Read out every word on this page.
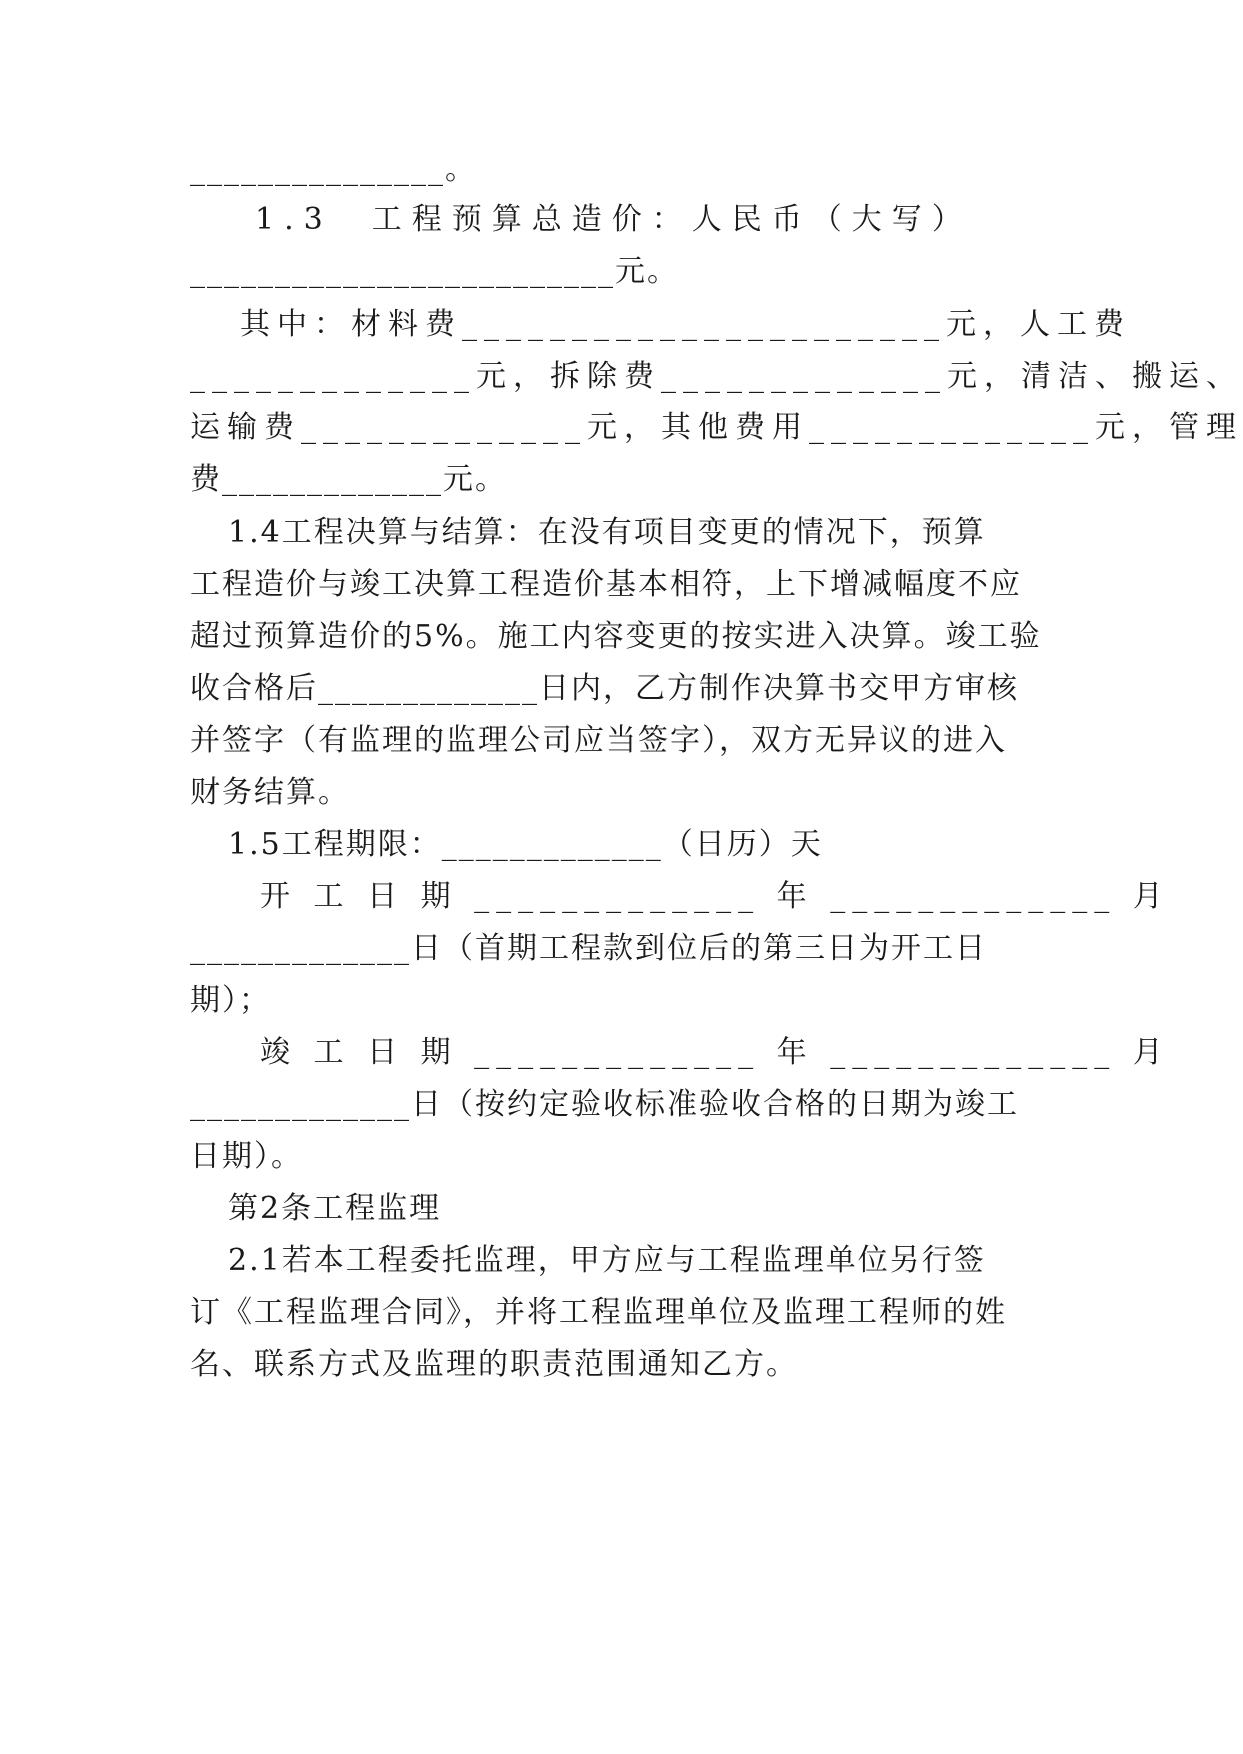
_______________。
1.3  工程预算总造价：人民币（大写）
_________________________元。
其中：材料费______________________元，人工费
_____________元，拆除费_____________元，清洁、搬运、
运输费_____________元，其他费用_____________元，管理
费_____________元。
1.4工程决算与结算：在没有项目变更的情况下，预算
工程造价与竣工决算工程造价基本相符，上下增减幅度不应
超过预算造价的5%。施工内容变更的按实进入决算。竣工验
收合格后_____________日内，乙方制作决算书交甲方审核
并签字（有监理的监理公司应当签字），双方无异议的进入
财务结算。
1.5工程期限：_____________（日历）天
开 工 日 期 _____________ 年 _____________ 月
_____________日（首期工程款到位后的第三日为开工日
期）；
竣 工 日 期 _____________ 年 _____________ 月
_____________日（按约定验收标准验收合格的日期为竣工
日期）。
第2条工程监理
2.1若本工程委托监理，甲方应与工程监理单位另行签
订《工程监理合同》，并将工程监理单位及监理工程师的姓
名、联系方式及监理的职责范围通知乙方。
